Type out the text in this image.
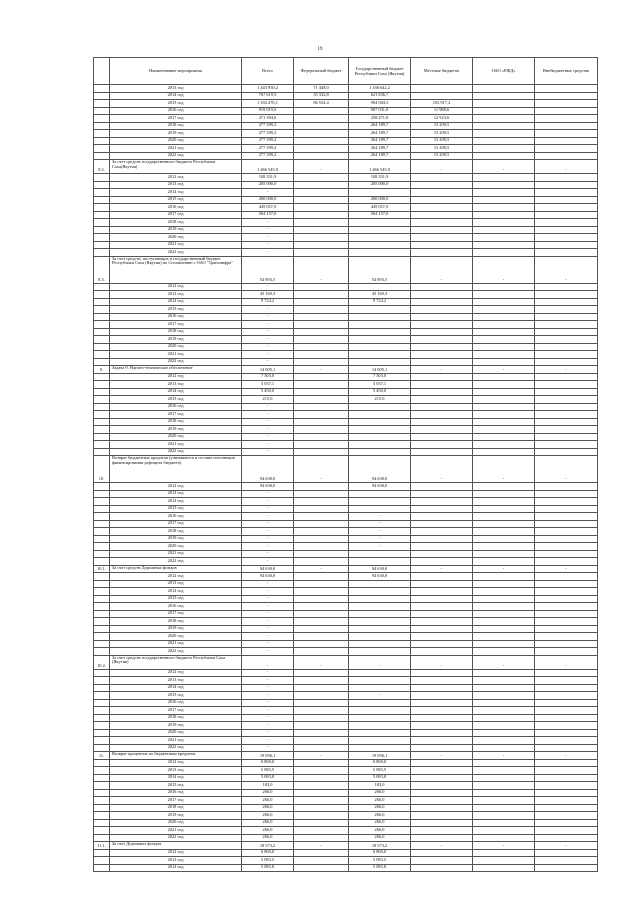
19
	Наименование мероприятия	Всего	Федеральный бюджет	Государственный бюджет Республики Саха (Якутия)	Местные бюджеты	ОАО «РЖД»	Внебюджетные средства
	2013 год	1 443 950,2	71 448,0	1 338 642,2			
	2014 год	767 619,5	35 332,8	621 836,7			
	2015 год	1 184 476,1	86 554,4	994 004,5	103 917,2		
	2016 год	919 019,6		907 031,0	11 988,6		
	2017 год	271 394,6		258 471,0	12 923,6		
	2018 год	277 399,2		264 189,7	13 209,5		
	2019 год	277 399,2		264 189,7	13 209,5		
	2020 год	277 399,2		264 189,7	13 209,5		
	2021 год	277 399,2		264 189,7	13 209,5		
	2022 год	277 399,2		264 189,7	13 209,5		
8.2.	За счет средств государственного бюджета Республики Саха(Якутия)	1 466 545,9	-	1 466 545,9	-	-	-
	2012 год	108 331,9		108 331,9			
	2013 год	205 000,0		205 000,0			
	2014 год	-					
	2015 год	200 000,0		200 000,0			
	2016 год	449 057,0		449 057,0			
	2017 год	504 157,0		504 157,0			
	2018 год	-					
	2019 год	-					
	2020 год	-					
	2021 год	-					
	2022 год	-					
8.3.	За счет средств, поступающих в государственный бюджет Республики Саха (Якутия) по Соглашению с ОАО "Трансинфра"	54 893,5	-	54 893,5	-	-	-
	2012 год	-					
	2013 год	45 169,3		45 169,3			
	2014 год	9 724,2		9 724,2			
	2015 год	-					
	2016 год	-					
	2017 год	-					
	2018 год	-					
	2019 год	-					
	2020 год	-					
	2021 год	-					
	2022 год	-					
9.	Задача 9. Научно-техническое обеспечение	14 005,1	-	14 005,1	-	-	-
	2012 год	7 303,0		7 303,0			
	2013 год	3 037,1		3 037,1			
	2014 год	3 450,0		3 450,0			
	2015 год	215,0		215,0			
	2016 год	-					
	2017 год	-					
	2018 год	-					
	2019 год	-					
	2020 год	-					
	2021 год	-					
	2022 год	-					
10.	Возврат бюджетных кредитов (учитывается в составе источников финансирования дефицита бюджета)	94 630,0	-	94 630,0	-	-	-
	2012 год	94 630,0		94 630,0			
	2013 год	-					
	2014 год	-					
	2015 год	-					
	2016 год	-		-			
	2017 год	-		-			
	2018 год	-		-			
	2019 год	-		-			
	2020 год	-		-			
	2021 год	-					
	2022 год	-					
10.1.	За счет средств Дорожных фондов	94 630,0	-	94 630,0	-	-	-
	2012 год	94 630,0		94 630,0			
	2013 год	-					
	2014 год	-					
	2015 год	-					
	2016 год	-					
	2017 год	-					
	2018 год	-					
	2019 год	-					
	2020 год	-					
	2021 год	-					
	2022 год	-					
10.2.	За счет средств государственного бюджета Республики Саха (Якутия)	-	-	-	-	-	-
	2012 год	-					
	2013 год	-					
	2014 год	-					
	2015 год	-		-			
	2016 год	-					
	2017 год	-					
	2018 год	-					
	2019 год	-					
	2020 год	-					
	2021 год	-					
	2022 год	-					
11.	Возврат процентов по бюджетным кредитам	19 056,1	-	19 056,1	-	-	-
	2012 год	6 860,0		6 860,0			
	2013 год	5 083,5		5 083,5			
	2014 год	5 083,8		5 083,8			
	2015 год	183,0		183,0			
	2016 год	266,0		266,0			
	2017 год	266,0		266,0			
	2018 год	266,0		266,0			
	2019 год	266,0		266,0			
	2020 год	266,0		266,0			
	2021 год	266,0		266,0			
	2022 год	266,0		266,0			
11.1.	За счет Дорожных фондов	18 573,2	-	18 573,2	-	-	-
	2012 год	6 860,0		6 860,0			
	2013 год	5 083,5		5 083,5			
	2014 год	5 083,8		5 083,8			
